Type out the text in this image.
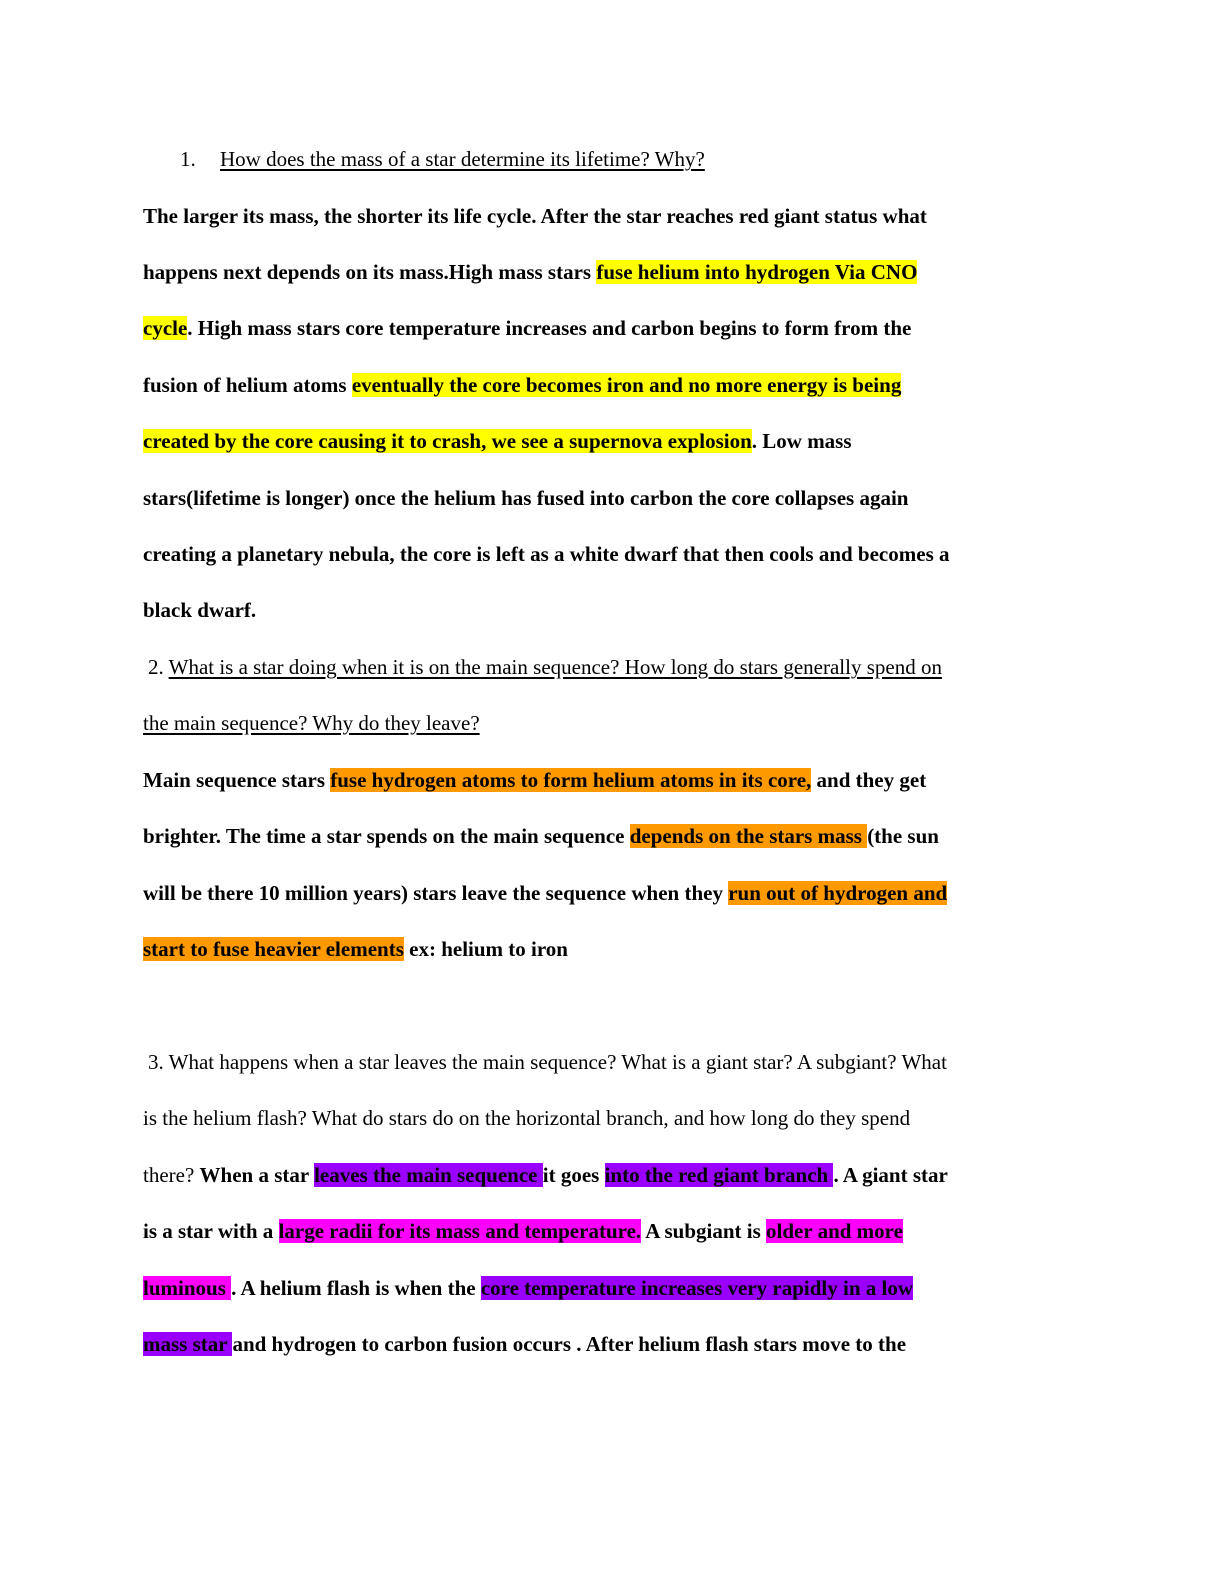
1. How does the mass of a star determine its lifetime? Why?
The larger its mass, the shorter its life cycle. After the star reaches red giant status what
happens next depends on its mass.High mass stars fuse helium into hydrogen Via CNO
cycle. High mass stars core temperature increases and carbon begins to form from the
fusion of helium atoms eventually the core becomes iron and no more energy is being
created by the core causing it to crash, we see a supernova explosion. Low mass
stars(lifetime is longer) once the helium has fused into carbon the core collapses again
creating a planetary nebula, the core is left as a white dwarf that then cools and becomes a
black dwarf.
2. What is a star doing when it is on the main sequence? How long do stars generally spend on
the main sequence? Why do they leave?
Main sequence stars fuse hydrogen atoms to form helium atoms in its core, and they get
brighter. The time a star spends on the main sequence depends on the stars mass (the sun
will be there 10 million years) stars leave the sequence when they run out of hydrogen and
start to fuse heavier elements ex: helium to iron
3. What happens when a star leaves the main sequence? What is a giant star? A subgiant? What
is the helium flash? What do stars do on the horizontal branch, and how long do they spend
there? When a star leaves the main sequence it goes into the red giant branch . A giant star
is a star with a large radii for its mass and temperature. A subgiant is older and more
luminous . A helium flash is when the core temperature increases very rapidly in a low
mass star and hydrogen to carbon fusion occurs . After helium flash stars move to the
